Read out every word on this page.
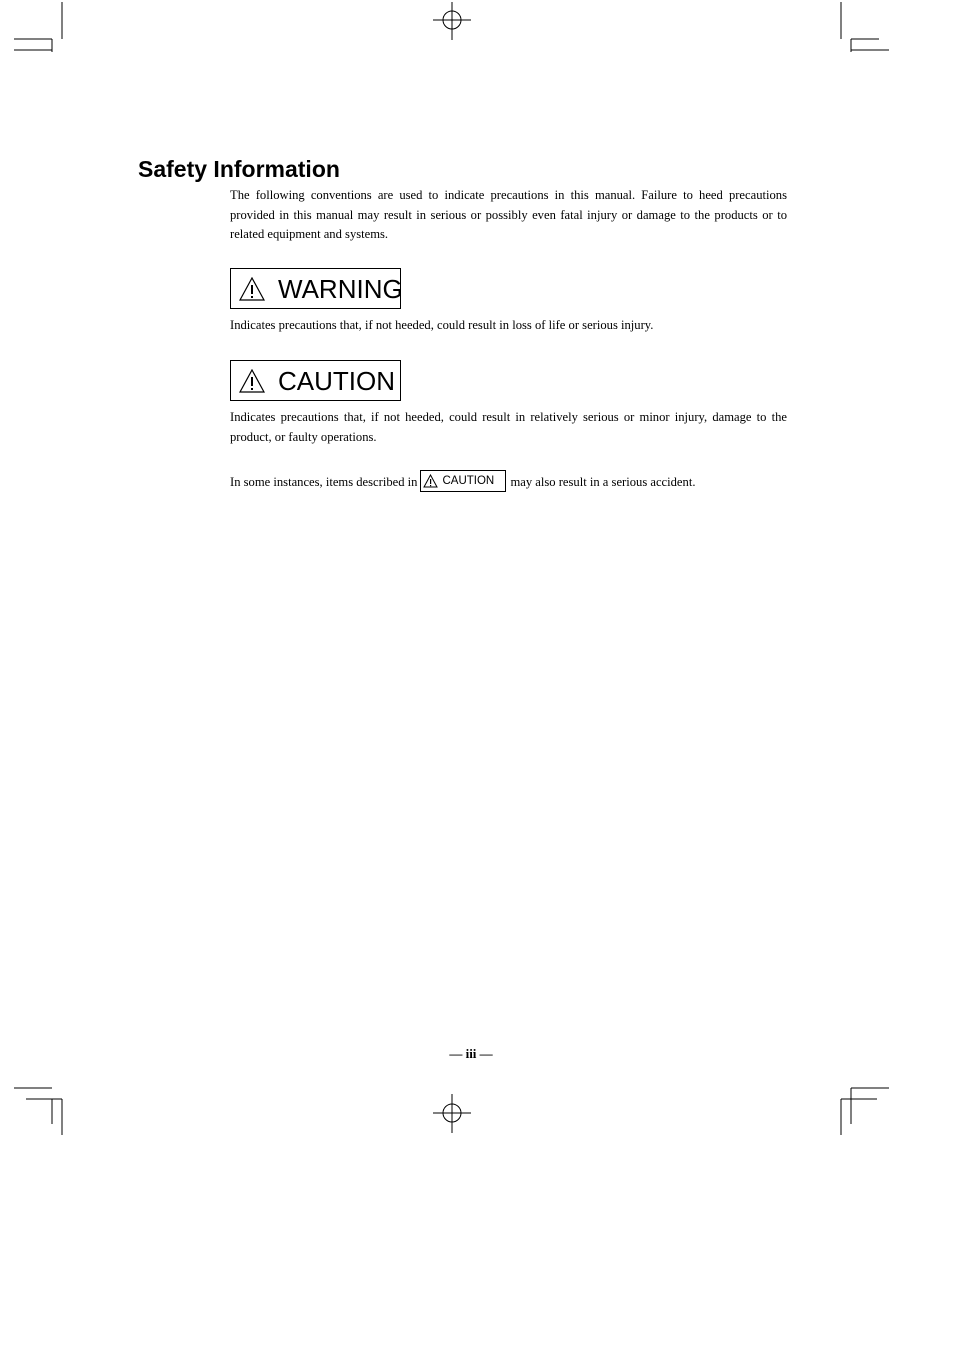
Safety Information

The following conventions are used to indicate precautions in this manual. Failure to heed precautions provided in this manual may result in serious or possibly even fatal injury or damage to the products or to related equipment and systems.

WARNING

Indicates precautions that, if not heeded, could result in loss of life or serious injury.

CAUTION

Indicates precautions that, if not heeded, could result in relatively serious or minor injury, damage to the product, or faulty operations.

In some instances, items described in CAUTION may also result in a serious accident.

— iii —
